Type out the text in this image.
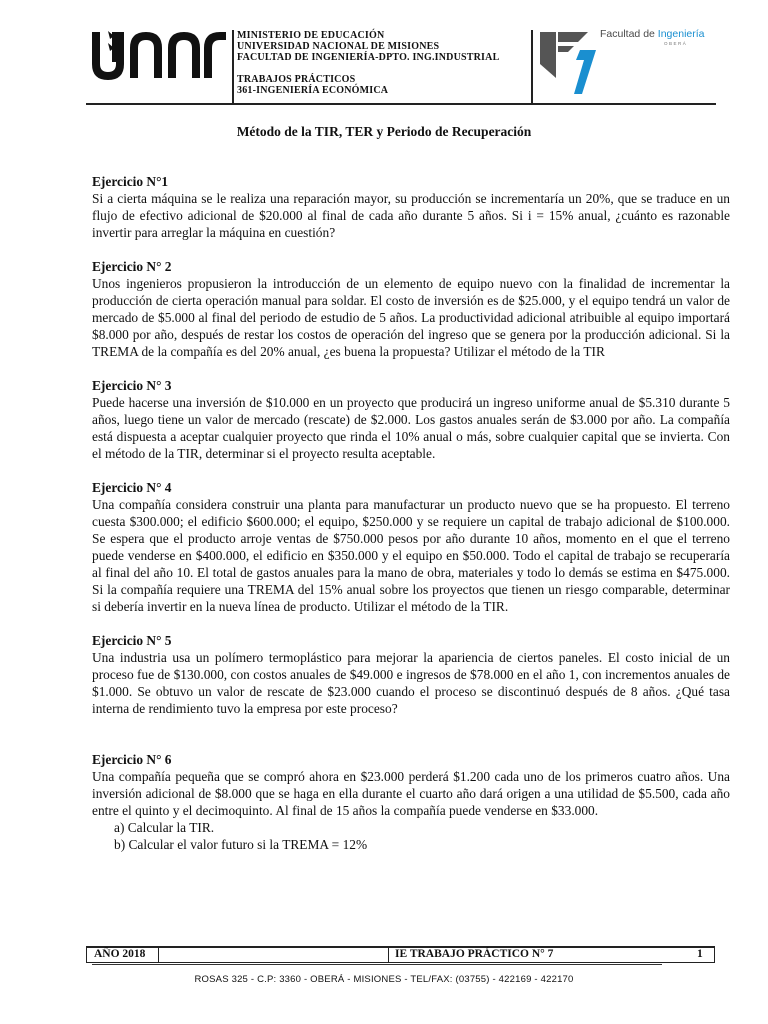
MINISTERIO DE EDUCACIÓN
UNIVERSIDAD NACIONAL DE MISIONES
FACULTAD DE INGENIERÍA-DPTO. ING.INDUSTRIAL
TRABAJOS PRÁCTICOS
361-INGENIERÍA ECONÓMICA
Facultad de Ingeniería
OBERÁ
Método de la TIR, TER y Periodo de Recuperación
Ejercicio N°1
Si a cierta máquina se le realiza una reparación mayor, su producción se incrementaría un 20%, que se traduce en un flujo de efectivo adicional de $20.000 al final de cada año durante 5 años. Si i = 15% anual, ¿cuánto es razonable invertir para arreglar la máquina en cuestión?
Ejercicio N° 2
Unos ingenieros propusieron la introducción de un elemento de equipo nuevo con la finalidad de incrementar la producción de cierta operación manual para soldar. El costo de inversión es de $25.000, y el equipo tendrá un valor de mercado de $5.000 al final del periodo de estudio de 5 años. La productividad adicional atribuible al equipo importará $8.000 por año, después de restar los costos de operación del ingreso que se genera por la producción adicional. Si la TREMA de la compañía es del 20% anual, ¿es buena la propuesta? Utilizar el método de la TIR
Ejercicio N° 3
Puede hacerse una inversión de $10.000 en un proyecto que producirá un ingreso uniforme anual de $5.310 durante 5 años, luego tiene un valor de mercado (rescate) de $2.000. Los gastos anuales serán de $3.000 por año. La compañía está dispuesta a aceptar cualquier proyecto que rinda el 10% anual o más, sobre cualquier capital que se invierta. Con el método de la TIR, determinar si el proyecto resulta aceptable.
Ejercicio N° 4
Una compañía considera construir una planta para manufacturar un producto nuevo que se ha propuesto. El terreno cuesta $300.000; el edificio $600.000; el equipo, $250.000 y se requiere un capital de trabajo adicional de $100.000. Se espera que el producto arroje ventas de $750.000 pesos por año durante 10 años, momento en el que el terreno puede venderse en $400.000, el edificio en $350.000 y el equipo en $50.000. Todo el capital de trabajo se recuperaría al final del año 10. El total de gastos anuales para la mano de obra, materiales y todo lo demás se estima en $475.000. Si la compañía requiere una TREMA del 15% anual sobre los proyectos que tienen un riesgo comparable, determinar si debería invertir en la nueva línea de producto. Utilizar el método de la TIR.
Ejercicio N° 5
Una industria usa un polímero termoplástico para mejorar la apariencia de ciertos paneles. El costo inicial de un proceso fue de $130.000, con costos anuales de $49.000 e ingresos de $78.000 en el año 1, con incrementos anuales de $1.000. Se obtuvo un valor de rescate de $23.000 cuando el proceso se discontinuó después de 8 años. ¿Qué tasa interna de rendimiento tuvo la empresa por este proceso?
Ejercicio N° 6
Una compañía pequeña que se compró ahora en $23.000 perderá $1.200 cada uno de los primeros cuatro años. Una inversión adicional de $8.000 que se haga en ella durante el cuarto año dará origen a una utilidad de $5.500, cada año entre el quinto y el decimoquinto. Al final de 15 años la compañía puede venderse en $33.000.
a) Calcular la TIR.
b) Calcular el valor futuro si la TREMA = 12%
AÑO 2018	IE TRABAJO PRÁCTICO N° 7	1
ROSAS 325 - C.P: 3360 - OBERÁ - MISIONES - TEL/FAX: (03755) - 422169 - 422170
